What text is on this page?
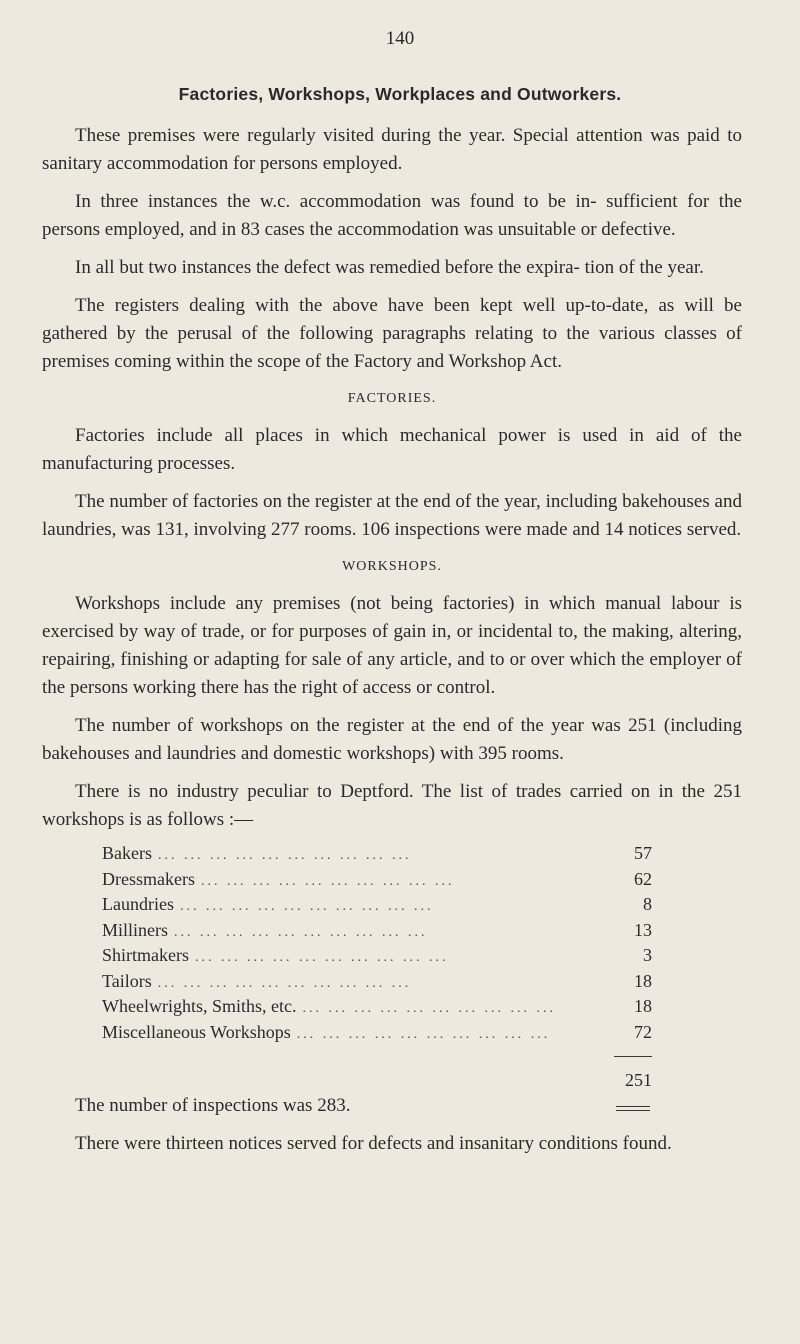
140
Factories, Workshops, Workplaces and Outworkers.

These premises were regularly visited during the year. Special attention was paid to sanitary accommodation for persons employed.

In three instances the w.c. accommodation was found to be in- sufficient for the persons employed, and in 83 cases the accommodation was unsuitable or defective.

In all but two instances the defect was remedied before the expira- tion of the year.

The registers dealing with the above have been kept well up-to-date, as will be gathered by the perusal of the following paragraphs relating to the various classes of premises coming within the scope of the Factory and Workshop Act.

FACTORIES.

Factories include all places in which mechanical power is used in aid of the manufacturing processes.

The number of factories on the register at the end of the year, including bakehouses and laundries, was 131, involving 277 rooms. 106 inspections were made and 14 notices served.

WORKSHOPS.

Workshops include any premises (not being factories) in which manual labour is exercised by way of trade, or for purposes of gain in, or incidental to, the making, altering, repairing, finishing or adapting for sale of any article, and to or over which the employer of the persons working there has the right of access or control.

The number of workshops on the register at the end of the year was 251 (including bakehouses and laundries and domestic workshops) with 395 rooms.

There is no industry peculiar to Deptford. The list of trades carried on in the 251 workshops is as follows :—

Bakers ... ... ... ... ... ... ... ... ... ...	57
Dressmakers ... ... ... ... ... ... ... ... ... ...	62
Laundries ... ... ... ... ... ... ... ... ... ...	8
Milliners ... ... ... ... ... ... ... ... ... ...	13
Shirtmakers ... ... ... ... ... ... ... ... ... ...	3
Tailors ... ... ... ... ... ... ... ... ... ...	18
Wheelwrights, Smiths, etc. ... ... ... ... ... ... ... ... ... ...	18
Miscellaneous Workshops ... ... ... ... ... ... ... ... ... ...	72
251
The number of inspections was 283.

There were thirteen notices served for defects and insanitary conditions found.
